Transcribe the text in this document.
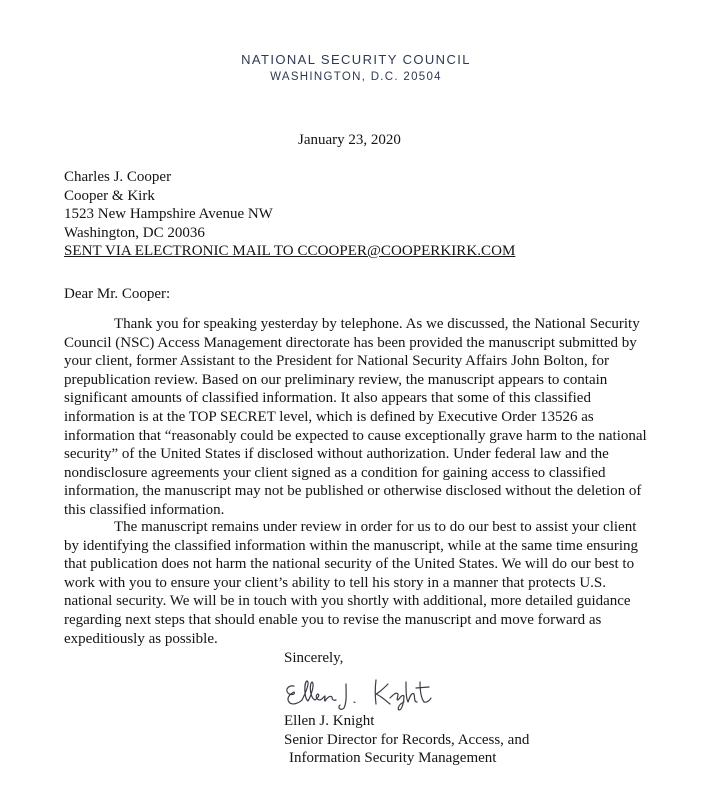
NATIONAL SECURITY COUNCIL
WASHINGTON, D.C. 20504
January 23, 2020
Charles J. Cooper
Cooper & Kirk
1523 New Hampshire Avenue NW
Washington, DC 20036
SENT VIA ELECTRONIC MAIL TO CCOOPER@COOPERKIRK.COM
Dear Mr. Cooper:
Thank you for speaking yesterday by telephone. As we discussed, the National Security
Council (NSC) Access Management directorate has been provided the manuscript submitted by
your client, former Assistant to the President for National Security Affairs John Bolton, for
prepublication review. Based on our preliminary review, the manuscript appears to contain
significant amounts of classified information. It also appears that some of this classified
information is at the TOP SECRET level, which is defined by Executive Order 13526 as
information that “reasonably could be expected to cause exceptionally grave harm to the national
security” of the United States if disclosed without authorization. Under federal law and the
nondisclosure agreements your client signed as a condition for gaining access to classified
information, the manuscript may not be published or otherwise disclosed without the deletion of
this classified information.
The manuscript remains under review in order for us to do our best to assist your client
by identifying the classified information within the manuscript, while at the same time ensuring
that publication does not harm the national security of the United States. We will do our best to
work with you to ensure your client’s ability to tell his story in a manner that protects U.S.
national security. We will be in touch with you shortly with additional, more detailed guidance
regarding next steps that should enable you to revise the manuscript and move forward as
expeditiously as possible.
Sincerely,
Ellen J. Knight
Senior Director for Records, Access, and
Information Security Management
